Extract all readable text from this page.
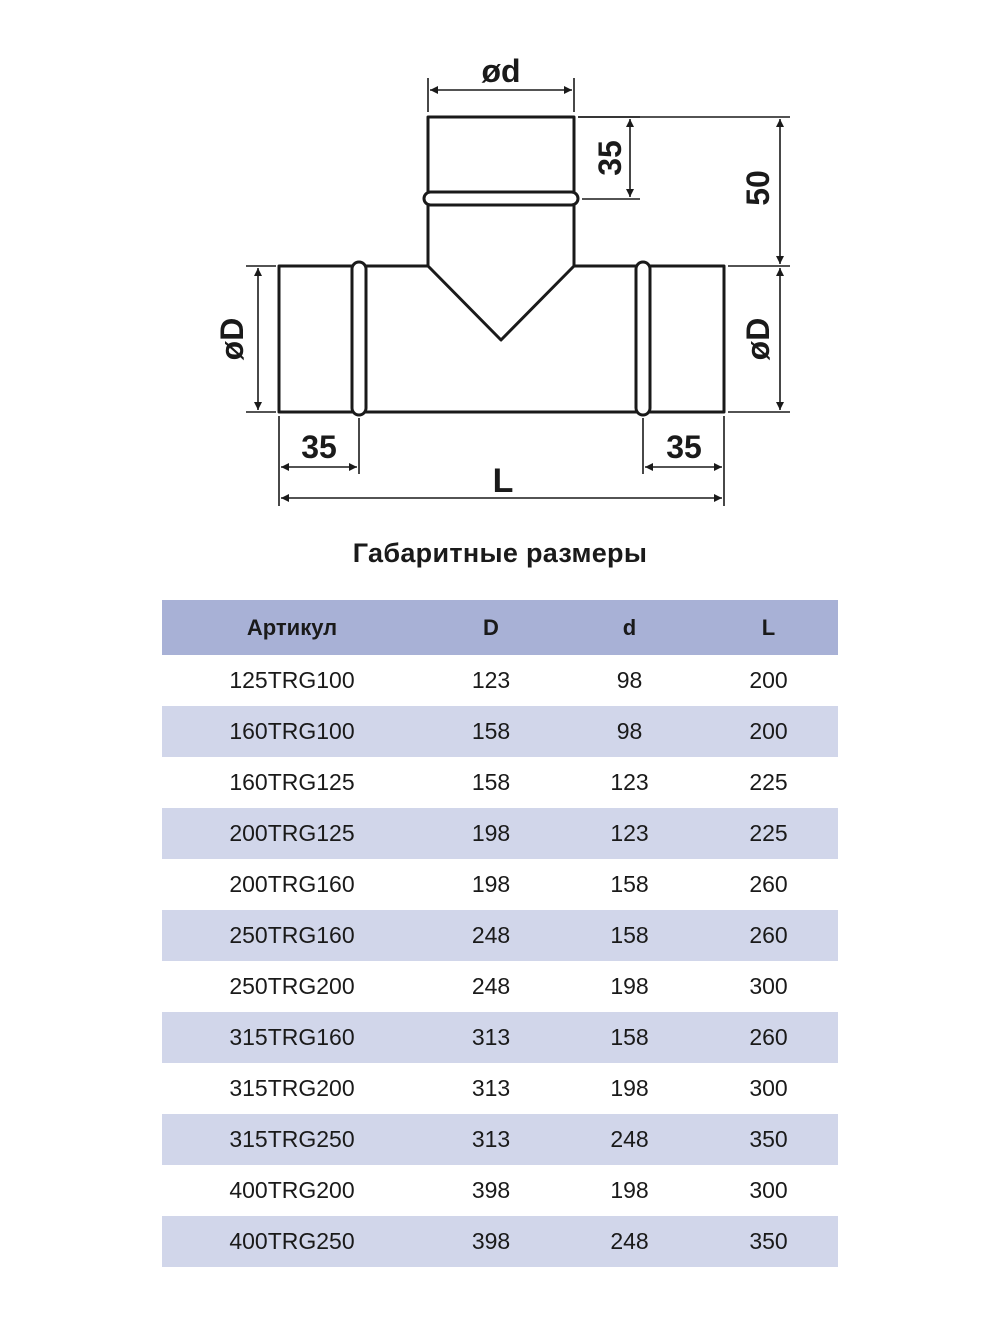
ød
35
50
øD
øD
35	35
L
Габаритные размеры
Артикул	D	d	L
125TRG100	123	98	200
160TRG100	158	98	200
160TRG125	158	123	225
200TRG125	198	123	225
200TRG160	198	158	260
250TRG160	248	158	260
250TRG200	248	198	300
315TRG160	313	158	260
315TRG200	313	198	300
315TRG250	313	248	350
400TRG200	398	198	300
400TRG250	398	248	350
